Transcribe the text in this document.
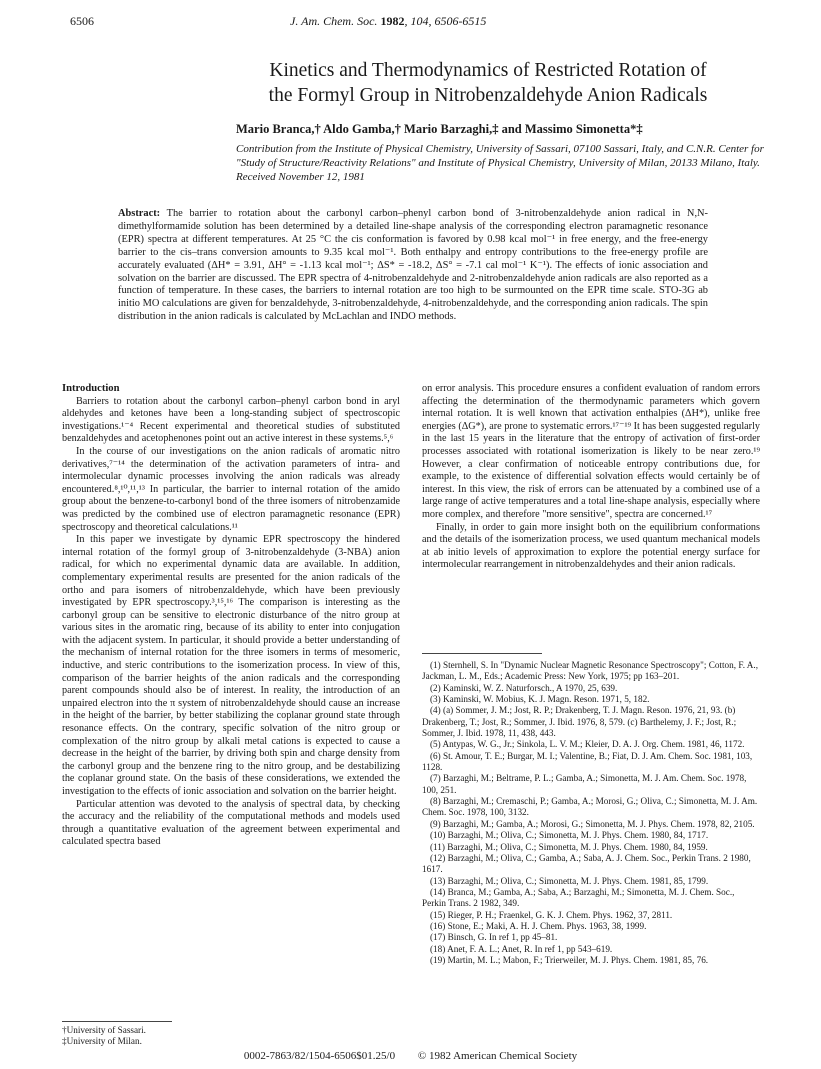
6506	J. Am. Chem. Soc. 1982, 104, 6506-6515
Kinetics and Thermodynamics of Restricted Rotation of
the Formyl Group in Nitrobenzaldehyde Anion Radicals
Mario Branca,† Aldo Gamba,† Mario Barzaghi,‡ and Massimo Simonetta*‡
Contribution from the Institute of Physical Chemistry, University of Sassari, 07100 Sassari, Italy, and C.N.R. Center for "Study of Structure/Reactivity Relations" and Institute of Physical Chemistry, University of Milan, 20133 Milano, Italy. Received November 12, 1981
Abstract: The barrier to rotation about the carbonyl carbon–phenyl carbon bond of 3-nitrobenzaldehyde anion radical in N,N-dimethylformamide solution has been determined by a detailed line-shape analysis of the corresponding electron paramagnetic resonance (EPR) spectra at different temperatures. At 25 °C the cis conformation is favored by 0.98 kcal mol⁻¹ in free energy, and the free-energy barrier to the cis–trans conversion amounts to 9.35 kcal mol⁻¹. Both enthalpy and entropy contributions to the free-energy profile are accurately evaluated (ΔH* = 3.91, ΔH° = -1.13 kcal mol⁻¹; ΔS* = -18.2, ΔS° = -7.1 cal mol⁻¹ K⁻¹). The effects of ionic association and solvation on the barrier are discussed. The EPR spectra of 4-nitrobenzaldehyde and 2-nitrobenzaldehyde anion radicals are also reported as a function of temperature. In these cases, the barriers to internal rotation are too high to be surmounted on the EPR time scale. STO-3G ab initio MO calculations are given for benzaldehyde, 3-nitrobenzaldehyde, 4-nitrobenzaldehyde, and the corresponding anion radicals. The spin distribution in the anion radicals is calculated by McLachlan and INDO methods.

Introduction

Barriers to rotation about the carbonyl carbon–phenyl carbon bond in aryl aldehydes and ketones have been a long-standing subject of spectroscopic investigations.¹⁻⁴ Recent experimental and theoretical studies of substituted benzaldehydes and acetophenones point out an active interest in these systems.⁵,⁶

In the course of our investigations on the anion radicals of aromatic nitro derivatives,⁷⁻¹⁴ the determination of the activation parameters of intra- and intermolecular dynamic processes involving the anion radicals was already encountered.⁸,¹⁰,¹¹,¹³ In particular, the barrier to internal rotation of the amido group about the benzene-to-carbonyl bond of the three isomers of nitrobenzamide was predicted by the combined use of electron paramagnetic resonance (EPR) spectroscopy and theoretical calculations.¹¹

In this paper we investigate by dynamic EPR spectroscopy the hindered internal rotation of the formyl group of 3-nitrobenzaldehyde (3-NBA) anion radical, for which no experimental dynamic data are available. In addition, complementary experimental results are presented for the anion radicals of the ortho and para isomers of nitrobenzaldehyde, which have been previously investigated by EPR spectroscopy.³,¹⁵,¹⁶ The comparison is interesting as the carbonyl group can be sensitive to electronic disturbance of the nitro group at various sites in the aromatic ring, because of its ability to enter into conjugation with the adjacent system. In particular, it should provide a better understanding of the mechanism of internal rotation for the three isomers in terms of mesomeric, inductive, and steric contributions to the isomerization process. In view of this, comparison of the barrier heights of the anion radicals and the corresponding parent compounds should also be of interest. In reality, the introduction of an unpaired electron into the π system of nitrobenzaldehyde should cause an increase in the height of the barrier, by better stabilizing the coplanar ground state through resonance effects. On the contrary, specific solvation of the nitro group or complexation of the nitro group by alkali metal cations is expected to cause a decrease in the height of the barrier, by driving both spin and charge density from the carbonyl group and the benzene ring to the nitro group, and be destabilizing the coplanar ground state. On the basis of these considerations, we extended the investigation to the effects of ionic association and solvation on the barrier height.

Particular attention was devoted to the analysis of spectral data, by checking the accuracy and the reliability of the computational methods and models used through a quantitative evaluation of the agreement between experimental and calculated spectra based

on error analysis. This procedure ensures a confident evaluation of random errors affecting the determination of the thermodynamic parameters which govern internal rotation. It is well known that activation enthalpies (ΔH*), unlike free energies (ΔG*), are prone to systematic errors.¹⁷⁻¹⁹ It has been suggested regularly in the last 15 years in the literature that the entropy of activation of first-order processes associated with rotational isomerization is likely to be near zero.¹⁹ However, a clear confirmation of noticeable entropy contributions due, for example, to the existence of differential solvation effects would certainly be of interest. In this view, the risk of errors can be attenuated by a combined use of a large range of active temperatures and a total line-shape analysis, especially where more complex, and therefore "more sensitive", spectra are concerned.¹⁷

Finally, in order to gain more insight both on the equilibrium conformations and the details of the isomerization process, we used quantum mechanical models at ab initio levels of approximation to explore the potential energy surface for intermolecular rearrangement in nitrobenzaldehydes and their anion radicals.

(1) Sternhell, S. In "Dynamic Nuclear Magnetic Resonance Spectroscopy"; Cotton, F. A., Jackman, L. M., Eds.; Academic Press: New York, 1975; pp 163–201.
(2) Kaminski, W. Z. Naturforsch., A 1970, 25, 639.
(3) Kaminski, W. Mobius, K. J. Magn. Reson. 1971, 5, 182.
(4) (a) Sommer, J. M.; Jost, R. P.; Drakenberg, T. J. Magn. Reson. 1976, 21, 93. (b) Drakenberg, T.; Jost, R.; Sommer, J. Ibid. 1976, 8, 579. (c) Barthelemy, J. F.; Jost, R.; Sommer, J. Ibid. 1978, 11, 438, 443.
(5) Antypas, W. G., Jr.; Sinkola, L. V. M.; Kleier, D. A. J. Org. Chem. 1981, 46, 1172.
(6) St. Amour, T. E.; Burgar, M. I.; Valentine, B.; Fiat, D. J. Am. Chem. Soc. 1981, 103, 1128.
(7) Barzaghi, M.; Beltrame, P. L.; Gamba, A.; Simonetta, M. J. Am. Chem. Soc. 1978, 100, 251.
(8) Barzaghi, M.; Cremaschi, P.; Gamba, A.; Morosi, G.; Oliva, C.; Simonetta, M. J. Am. Chem. Soc. 1978, 100, 3132.
(9) Barzaghi, M.; Gamba, A.; Morosi, G.; Simonetta, M. J. Phys. Chem. 1978, 82, 2105.
(10) Barzaghi, M.; Oliva, C.; Simonetta, M. J. Phys. Chem. 1980, 84, 1717.
(11) Barzaghi, M.; Oliva, C.; Simonetta, M. J. Phys. Chem. 1980, 84, 1959.
(12) Barzaghi, M.; Oliva, C.; Gamba, A.; Saba, A. J. Chem. Soc., Perkin Trans. 2 1980, 1617.
(13) Barzaghi, M.; Oliva, C.; Simonetta, M. J. Phys. Chem. 1981, 85, 1799.
(14) Branca, M.; Gamba, A.; Saba, A.; Barzaghi, M.; Simonetta, M. J. Chem. Soc., Perkin Trans. 2 1982, 349.
(15) Rieger, P. H.; Fraenkel, G. K. J. Chem. Phys. 1962, 37, 2811.
(16) Stone, E.; Maki, A. H. J. Chem. Phys. 1963, 38, 1999.
(17) Binsch, G. In ref 1, pp 45–81.
(18) Anet, F. A. L.; Anet, R. In ref 1, pp 543–619.
(19) Martin, M. L.; Mabon, F.; Trierweiler, M. J. Phys. Chem. 1981, 85, 76.
†University of Sassari.
‡University of Milan.
0002-7863/82/1504-6506$01.25/0 © 1982 American Chemical Society
